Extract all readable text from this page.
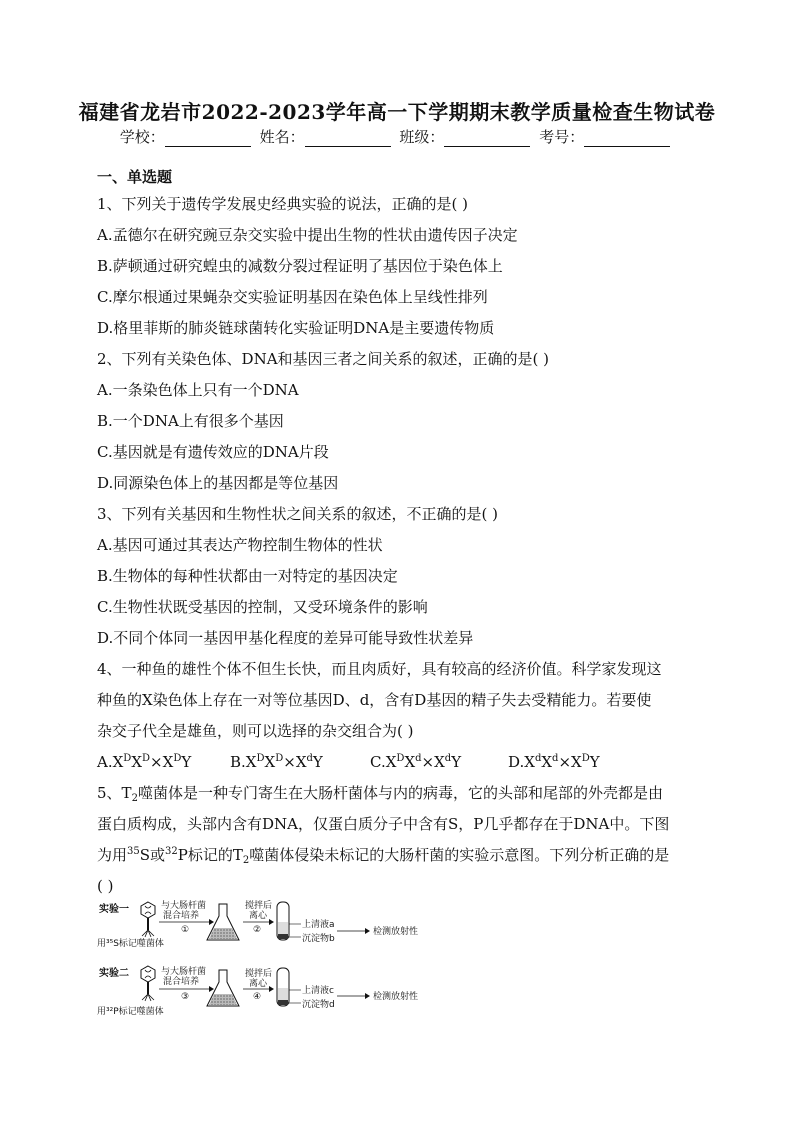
福建省龙岩市2022-2023学年高一下学期期末教学质量检查生物试卷
学校：	姓名：	班级：	考号：
一、单选题
1、下列关于遗传学发展史经典实验的说法，正确的是( )
A.孟德尔在研究豌豆杂交实验中提出生物的性状由遗传因子决定
B.萨顿通过研究蝗虫的减数分裂过程证明了基因位于染色体上
C.摩尔根通过果蝇杂交实验证明基因在染色体上呈线性排列
D.格里菲斯的肺炎链球菌转化实验证明DNA是主要遗传物质
2、下列有关染色体、DNA和基因三者之间关系的叙述，正确的是( )
A.一条染色体上只有一个DNA
B.一个DNA上有很多个基因
C.基因就是有遗传效应的DNA片段
D.同源染色体上的基因都是等位基因
3、下列有关基因和生物性状之间关系的叙述，不正确的是( )
A.基因可通过其表达产物控制生物体的性状
B.生物体的每种性状都由一对特定的基因决定
C.生物性状既受基因的控制，又受环境条件的影响
D.不同个体同一基因甲基化程度的差异可能导致性状差异
4、一种鱼的雄性个体不但生长快，而且肉质好，具有较高的经济价值。科学家发现这
种鱼的X染色体上存在一对等位基因D、d，含有D基因的精子失去受精能力。若要使
杂交子代全是雄鱼，则可以选择的杂交组合为( )
$A.X^DX^D\times X^DY$	$B.X^DX^D\times X^dY$	$C.X^DX^d\times X^dY$	$D.X^dX^d\times X^DY$
5、$T_2$噬菌体是一种专门寄生在大肠杆菌体与内的病毒，它的头部和尾部的外壳都是由
蛋白质构成，头部内含有DNA，仅蛋白质分子中含有S，P几乎都存在于DNA中。下图
为用$^{35}$S或$^{32}$P标记的$T_2$噬菌体侵染未标记的大肠杆菌的实验示意图。下列分析正确的是
( )
实验一	与大肠杆菌
混合培养
①
用³⁵S标记噬菌体
搅拌后
离心
②	上清液a
沉淀物b
检测放射性
实验二	与大肠杆菌
混合培养
③
用³²P标记噬菌体
搅拌后
离心
④
上清液c
沉淀物d
检测放射性
